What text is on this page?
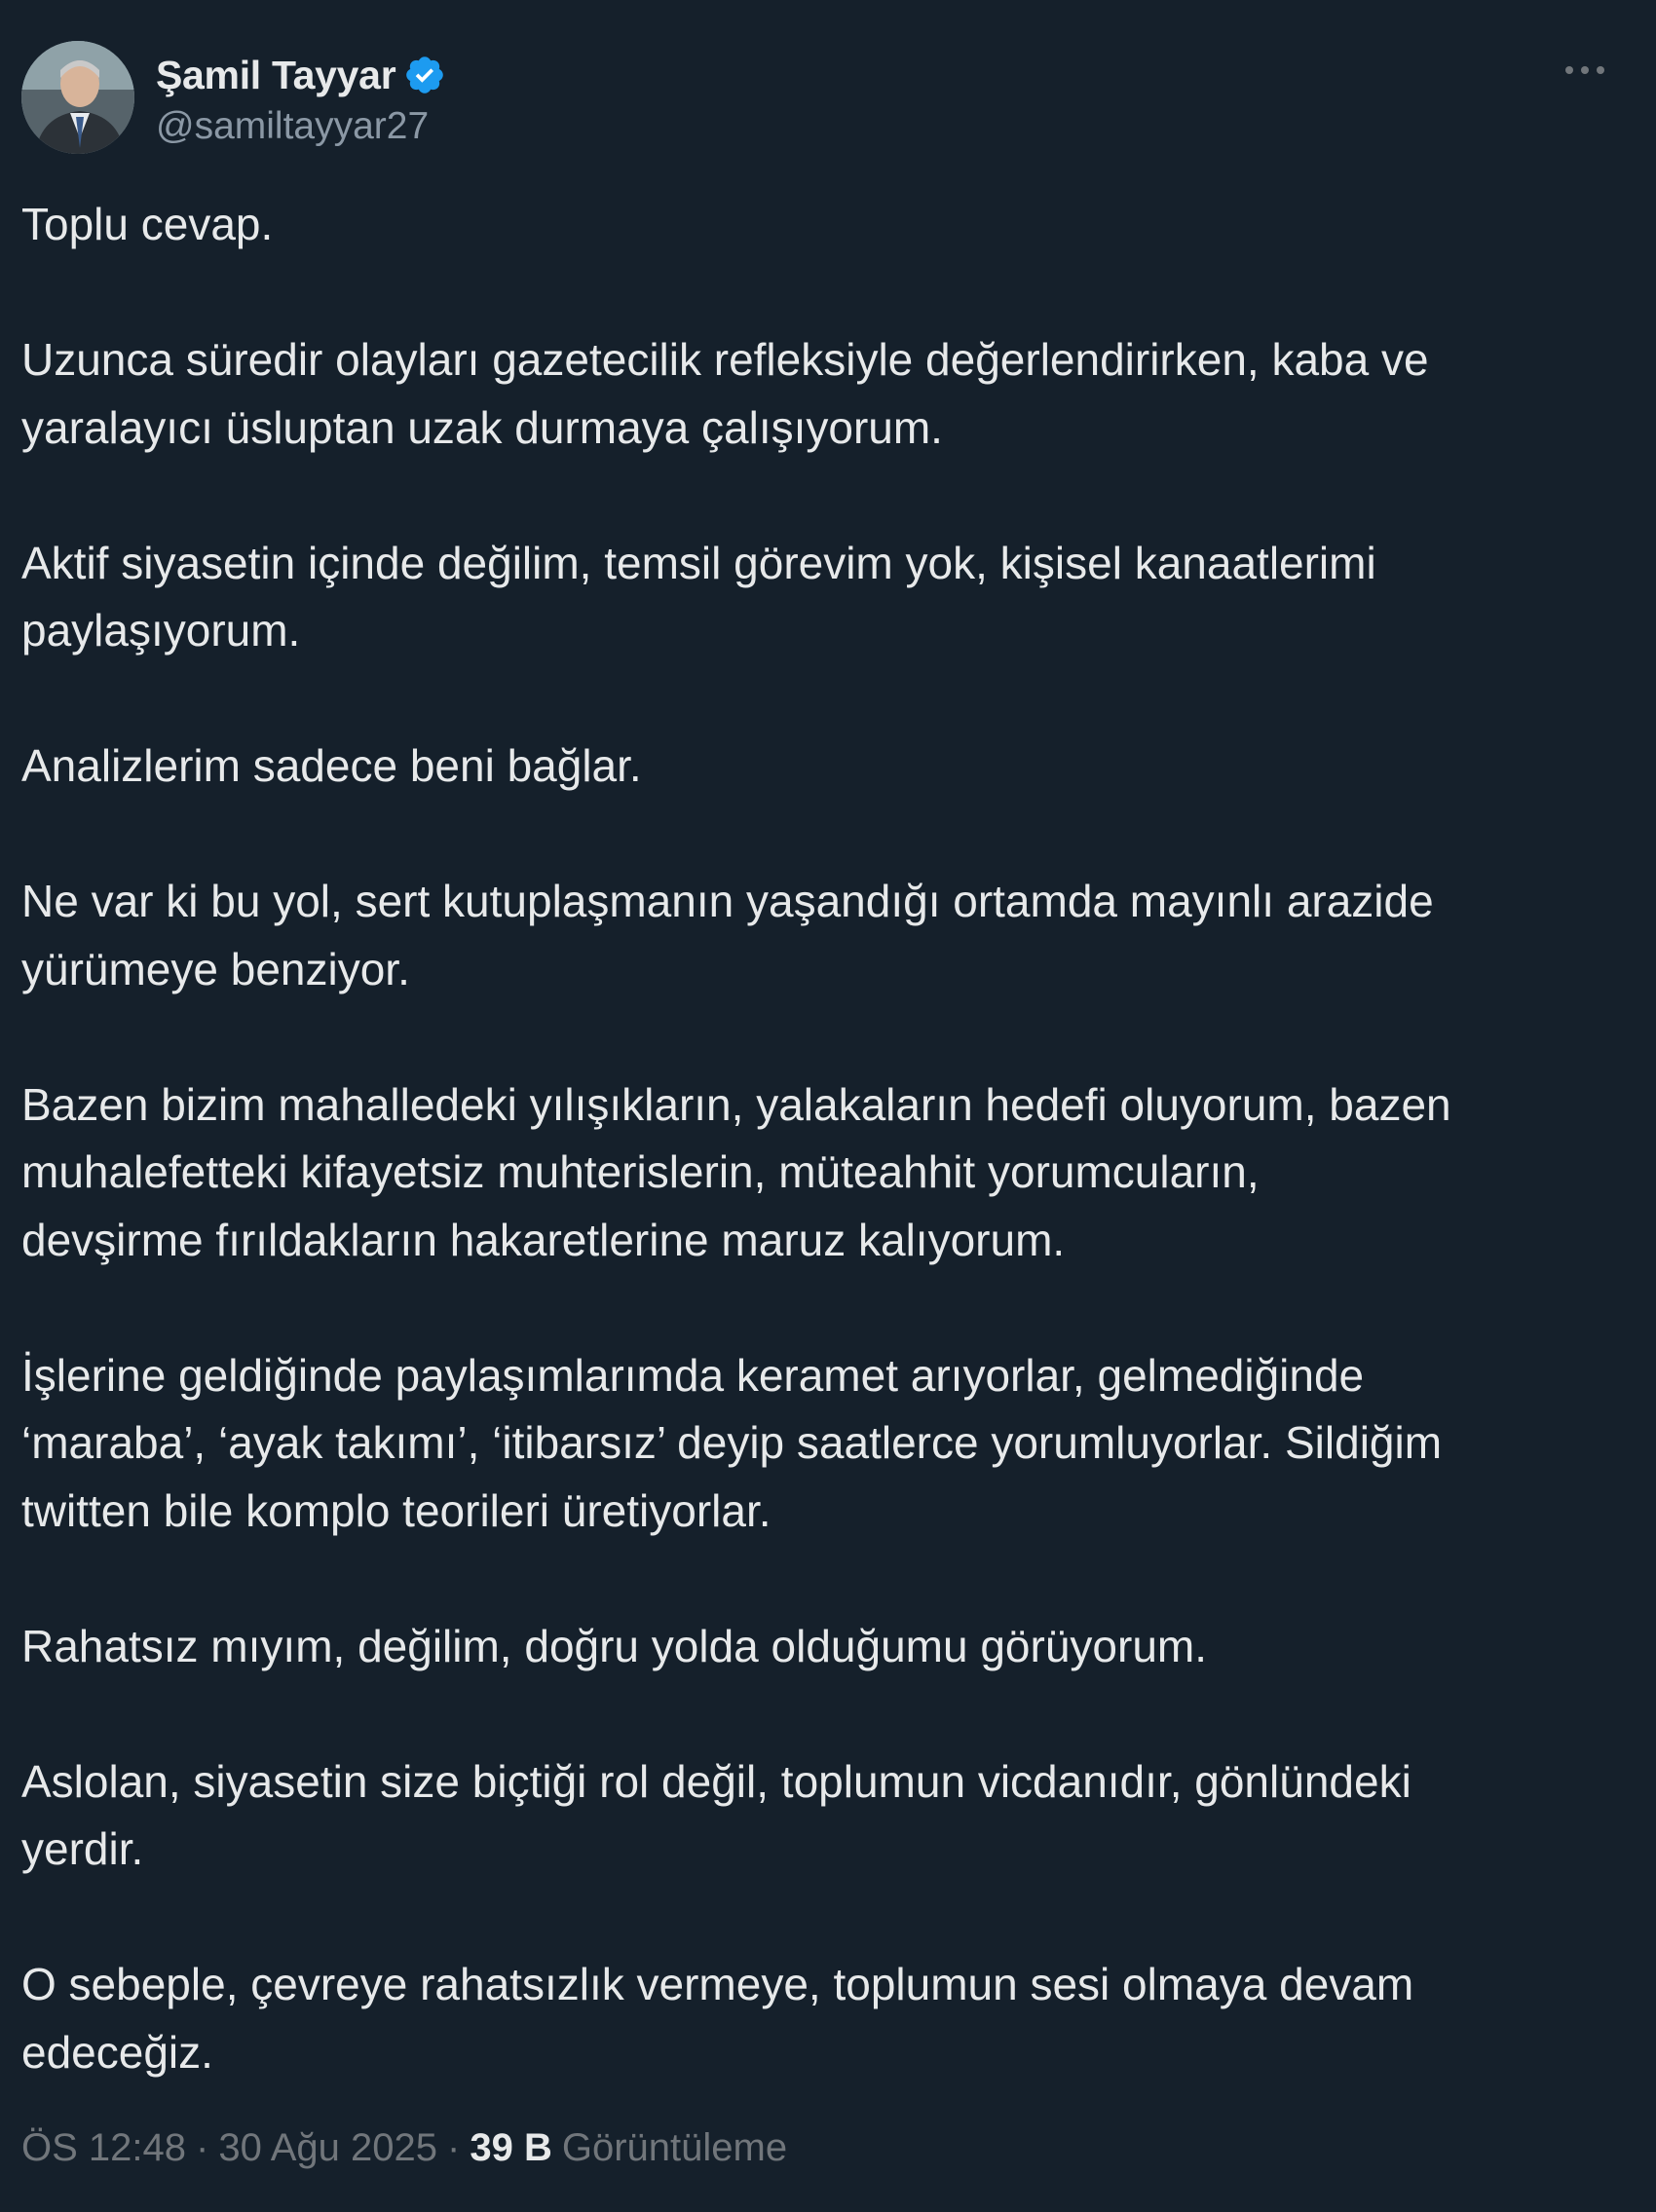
Şamil Tayyar
@samiltayyar27

Toplu cevap.

Uzunca süredir olayları gazetecilik refleksiyle değerlendirirken, kaba ve
yaralayıcı üsluptan uzak durmaya çalışıyorum.

Aktif siyasetin içinde değilim, temsil görevim yok, kişisel kanaatlerimi
paylaşıyorum.

Analizlerim sadece beni bağlar.

Ne var ki bu yol, sert kutuplaşmanın yaşandığı ortamda mayınlı arazide
yürümeye benziyor.

Bazen bizim mahalledeki yılışıkların, yalakaların hedefi oluyorum, bazen
muhalefetteki kifayetsiz muhterislerin, müteahhit yorumcuların,
devşirme fırıldakların hakaretlerine maruz kalıyorum.

İşlerine geldiğinde paylaşımlarımda keramet arıyorlar, gelmediğinde
‘maraba’, ‘ayak takımı’, ‘itibarsız’ deyip saatlerce yorumluyorlar. Sildiğim
twitten bile komplo teorileri üretiyorlar.

Rahatsız mıyım, değilim, doğru yolda olduğumu görüyorum.

Aslolan, siyasetin size biçtiği rol değil, toplumun vicdanıdır, gönlündeki
yerdir.

O sebeple, çevreye rahatsızlık vermeye, toplumun sesi olmaya devam
edeceğiz.

ÖS 12:48 · 30 Ağu 2025 · 39 B Görüntüleme
